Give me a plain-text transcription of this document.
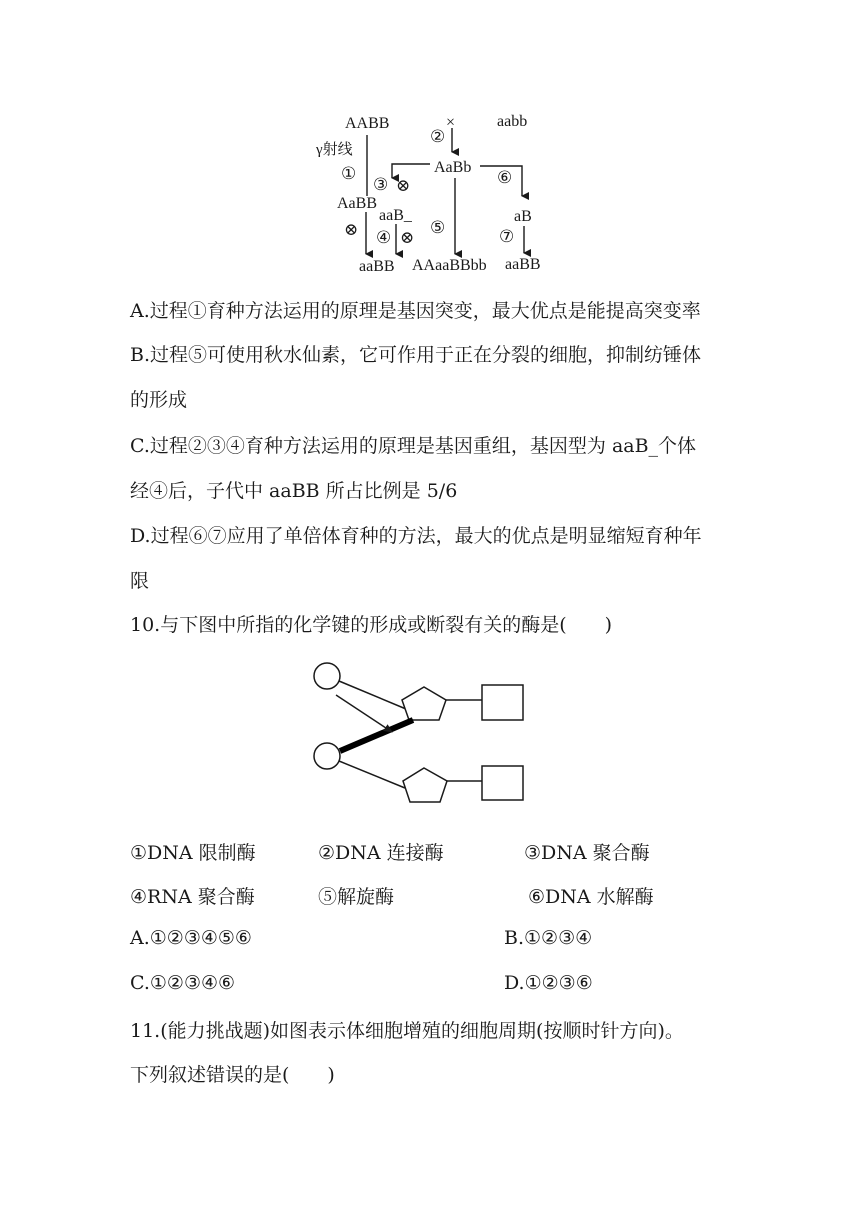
AABB	×	aabb
γ射线
①
②
AaBb
③ ⊗	⑥
AaBB
aaB_
⑤
aB
⊗ ④ ⊗	⑦
aaBB AAaaBBbb aaBB
A.过程①育种方法运用的原理是基因突变，最大优点是能提高突变率
B.过程⑤可使用秋水仙素，它可作用于正在分裂的细胞，抑制纺锤体
的形成
C.过程②③④育种方法运用的原理是基因重组，基因型为 aaB_个体
经④后，子代中 aaBB 所占比例是 5/6
D.过程⑥⑦应用了单倍体育种的方法，最大的优点是明显缩短育种年
限
10.与下图中所指的化学键的形成或断裂有关的酶是(　　)
①DNA 限制酶	②DNA 连接酶	③DNA 聚合酶
④RNA 聚合酶	⑤解旋酶	⑥DNA 水解酶
A.①②③④⑤⑥	B.①②③④
C.①②③④⑥	D.①②③⑥
11.(能力挑战题)如图表示体细胞增殖的细胞周期(按顺时针方向)。
下列叙述错误的是(　　)
